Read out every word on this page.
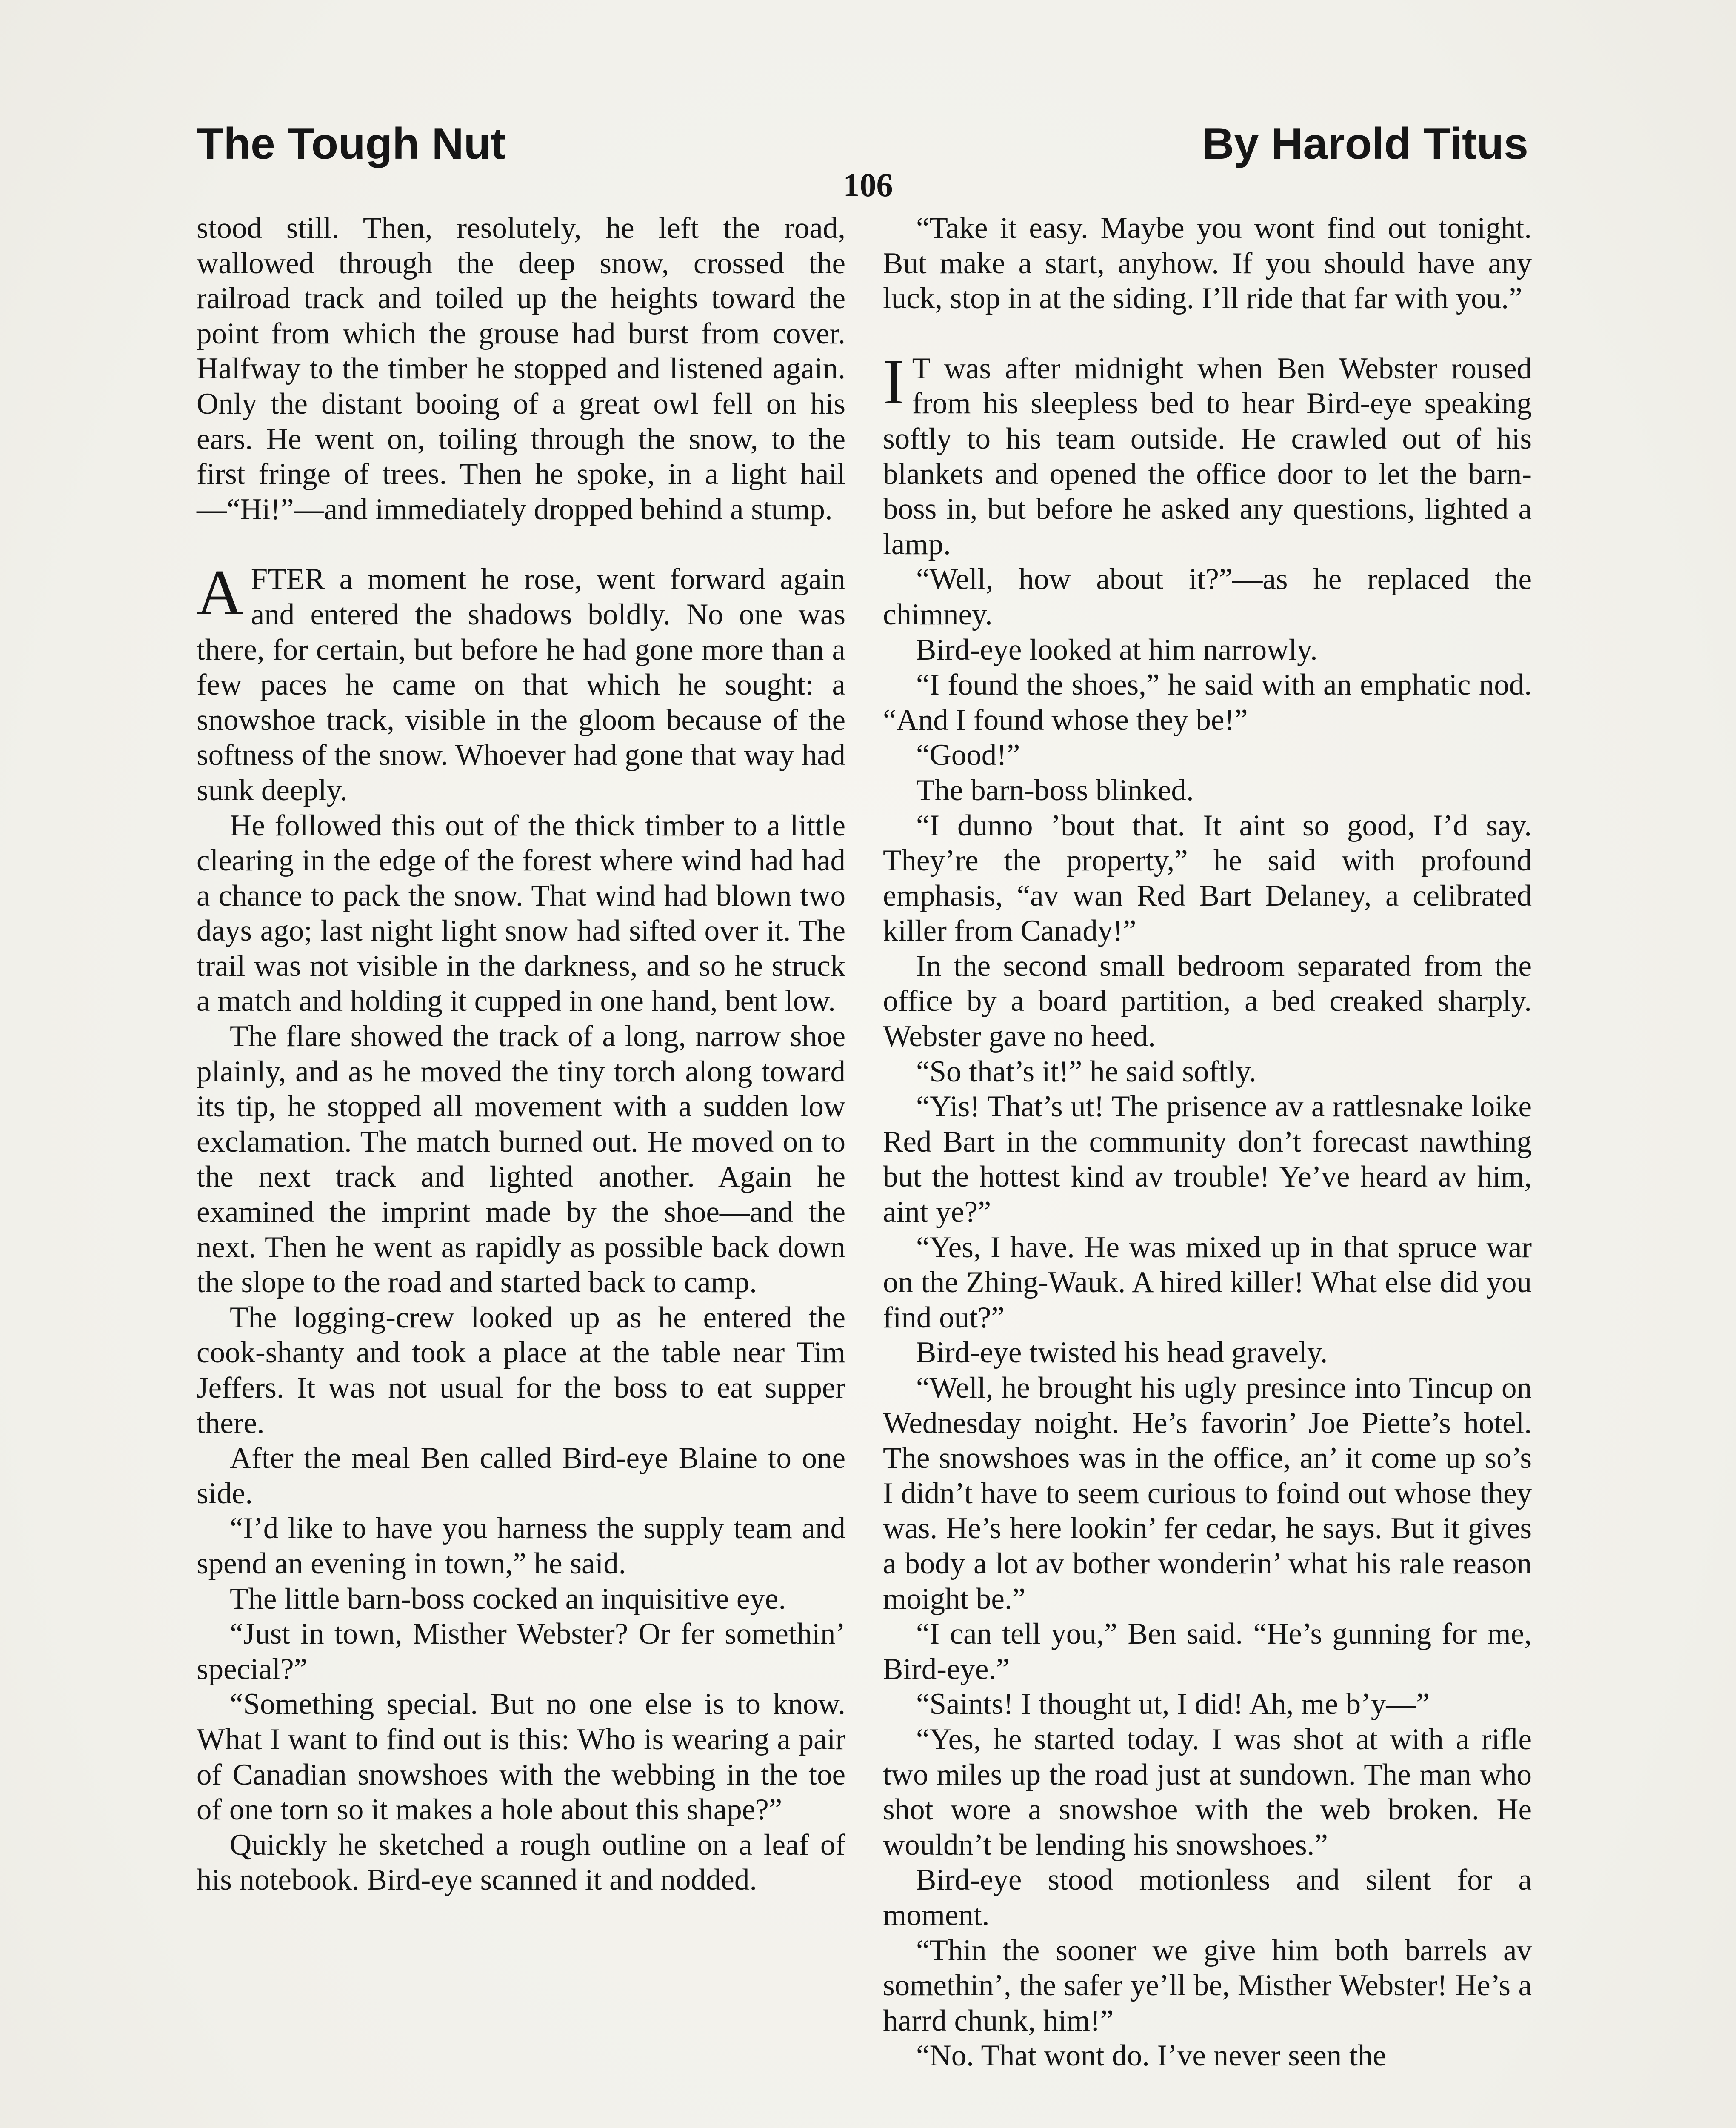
The Tough Nut	By Harold Titus
106

stood still. Then, resolutely, he left the road, wallowed through the deep snow, crossed the railroad track and toiled up the heights toward the point from which the grouse had burst from cover. Halfway to the timber he stopped and listened again. Only the distant booing of a great owl fell on his ears. He went on, toiling through the snow, to the first fringe of trees. Then he spoke, in a light hail—“Hi!”—and immediately dropped behind a stump.

AFTER a moment he rose, went forward again and entered the shadows boldly. No one was there, for certain, but before he had gone more than a few paces he came on that which he sought: a snowshoe track, visible in the gloom because of the softness of the snow. Whoever had gone that way had sunk deeply.

He followed this out of the thick timber to a little clearing in the edge of the forest where wind had had a chance to pack the snow. That wind had blown two days ago; last night light snow had sifted over it. The trail was not visible in the darkness, and so he struck a match and holding it cupped in one hand, bent low.

The flare showed the track of a long, narrow shoe plainly, and as he moved the tiny torch along toward its tip, he stopped all movement with a sudden low exclamation. The match burned out. He moved on to the next track and lighted another. Again he examined the imprint made by the shoe—and the next. Then he went as rapidly as possible back down the slope to the road and started back to camp.

The logging-crew looked up as he entered the cook-shanty and took a place at the table near Tim Jeffers. It was not usual for the boss to eat supper there.

After the meal Ben called Bird-eye Blaine to one side.

“I’d like to have you harness the supply team and spend an evening in town,” he said.

The little barn-boss cocked an inquisitive eye.

“Just in town, Misther Webster? Or fer somethin’ special?”

“Something special. But no one else is to know. What I want to find out is this: Who is wearing a pair of Canadian snowshoes with the webbing in the toe of one torn so it makes a hole about this shape?”

Quickly he sketched a rough outline on a leaf of his notebook. Bird-eye scanned it and nodded.

“Take it easy. Maybe you wont find out tonight. But make a start, anyhow. If you should have any luck, stop in at the siding. I’ll ride that far with you.”

I T was after midnight when Ben Webster roused from his sleepless bed to hear Bird-eye speaking softly to his team outside. He crawled out of his blankets and opened the office door to let the barn-boss in, but before he asked any questions, lighted a lamp.

“Well, how about it?”—as he replaced the chimney.

Bird-eye looked at him narrowly.

“I found the shoes,” he said with an emphatic nod. “And I found whose they be!”

“Good!”

The barn-boss blinked.

“I dunno ’bout that. It aint so good, I’d say. They’re the property,” he said with profound emphasis, “av wan Red Bart Delaney, a celibrated killer from Canady!”

In the second small bedroom separated from the office by a board partition, a bed creaked sharply. Webster gave no heed.

“So that’s it!” he said softly.

“Yis! That’s ut! The prisence av a rattlesnake loike Red Bart in the community don’t forecast nawthing but the hottest kind av trouble! Ye’ve heard av him, aint ye?”

“Yes, I have. He was mixed up in that spruce war on the Zhing-Wauk. A hired killer! What else did you find out?”

Bird-eye twisted his head gravely.

“Well, he brought his ugly presince into Tincup on Wednesday noight. He’s favorin’ Joe Piette’s hotel. The snowshoes was in the office, an’ it come up so’s I didn’t have to seem curious to foind out whose they was. He’s here lookin’ fer cedar, he says. But it gives a body a lot av bother wonderin’ what his rale reason moight be.”

“I can tell you,” Ben said. “He’s gunning for me, Bird-eye.”

“Saints! I thought ut, I did! Ah, me b’y—”

“Yes, he started today. I was shot at with a rifle two miles up the road just at sundown. The man who shot wore a snowshoe with the web broken. He wouldn’t be lending his snowshoes.”

Bird-eye stood motionless and silent for a moment.

“Thin the sooner we give him both barrels av somethin’, the safer ye’ll be, Misther Webster! He’s a harrd chunk, him!”

“No. That wont do. I’ve never seen the
